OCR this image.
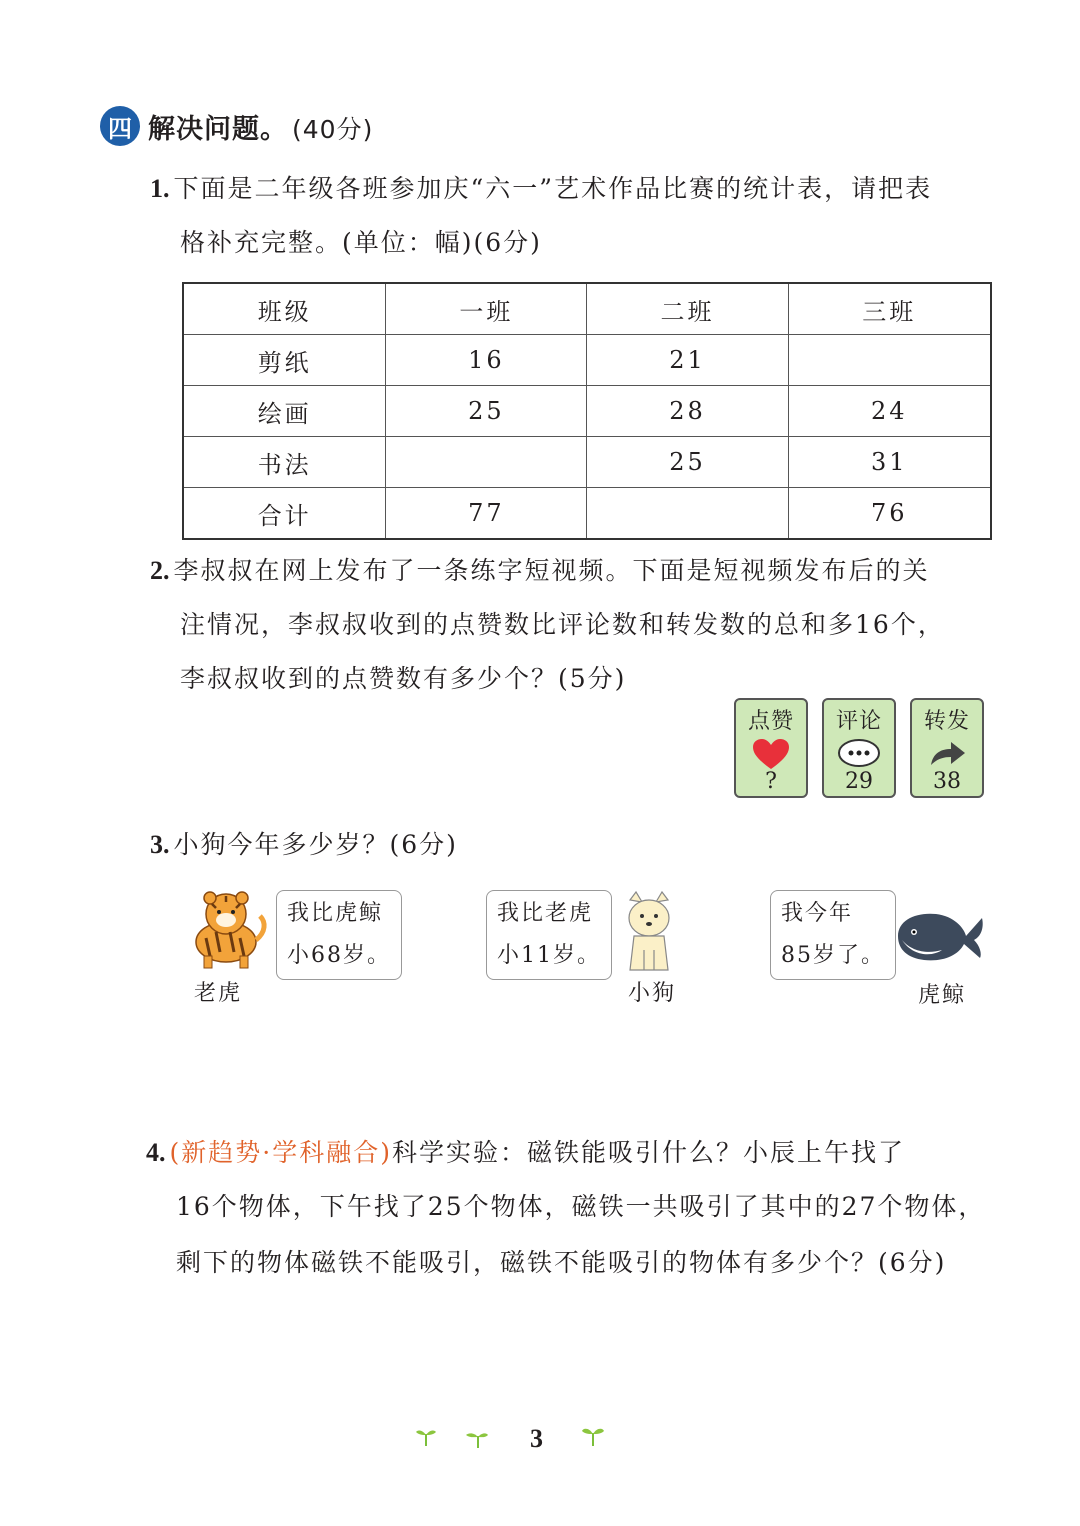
四 解决问题。 (40分)
1. 下面是二年级各班参加庆“六一”艺术作品比赛的统计表，请把表
格补充完整。(单位：幅)(6分)
班级	一班	二班	三班
剪纸	16	21	
绘画	25	28	24
书法		25	31
合计	77		76
2. 李叔叔在网上发布了一条练字短视频。下面是短视频发布后的关
注情况，李叔叔收到的点赞数比评论数和转发数的总和多16个，
李叔叔收到的点赞数有多少个？(5分)
点赞
?
评论
29
转发
38
3. 小狗今年多少岁？(6分)
我比虎鲸
小68岁。
老虎
我比老虎
小11岁。
小狗
我今年
85岁了。
虎鲸
4. (新趋势·学科融合)科学实验：磁铁能吸引什么？小辰上午找了
16个物体，下午找了25个物体，磁铁一共吸引了其中的27个物体，
剩下的物体磁铁不能吸引，磁铁不能吸引的物体有多少个？(6分)
3
